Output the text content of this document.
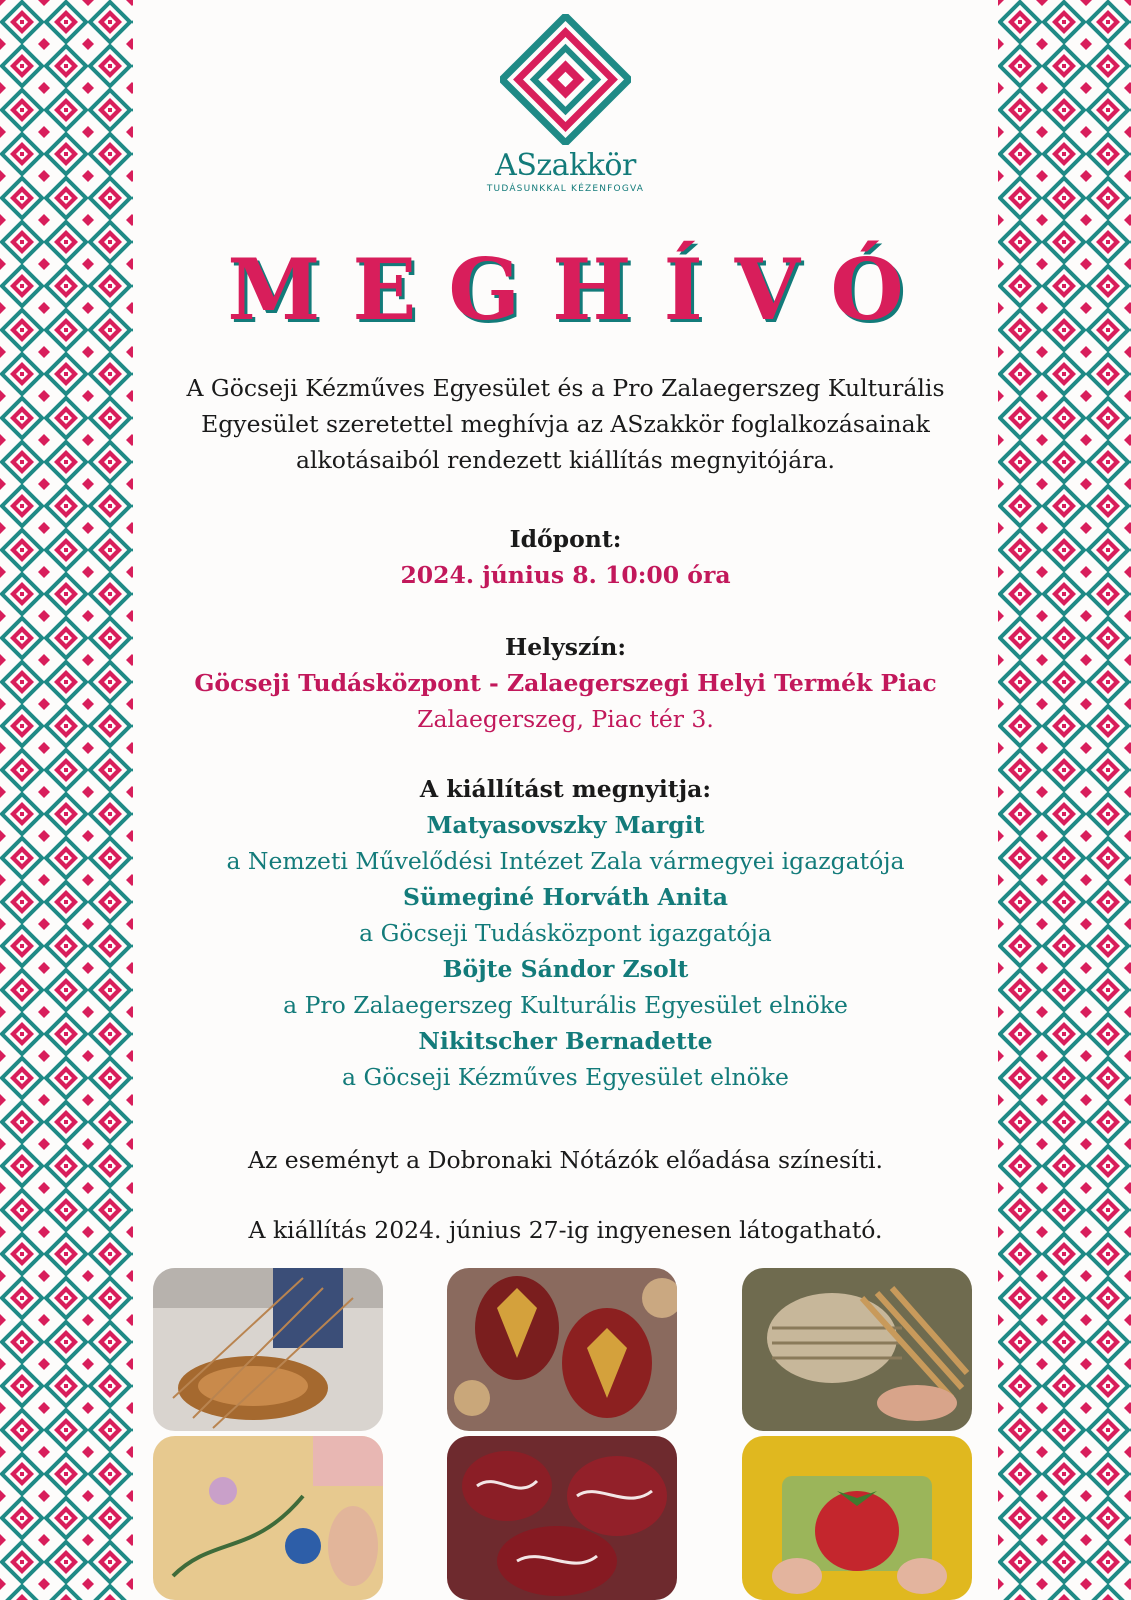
ASzakkör
TUDÁSUNKKAL KÉZENFOGVA
MEGHÍVÓ
A Göcseji Kézműves Egyesület és a Pro Zalaegerszeg Kulturális Egyesület szeretettel meghívja az ASzakkör foglalkozásainak alkotásaiból rendezett kiállítás megnyitójára.
Időpont:
2024. június 8. 10:00 óra
Helyszín:
Göcseji Tudásközpont - Zalaegerszegi Helyi Termék Piac
Zalaegerszeg, Piac tér 3.
A kiállítást megnyitja:
Matyasovszky Margit
a Nemzeti Művelődési Intézet Zala vármegyei igazgatója
Sümeginé Horváth Anita
a Göcseji Tudásközpont igazgatója
Böjte Sándor Zsolt
a Pro Zalaegerszeg Kulturális Egyesület elnöke
Nikitscher Bernadette
a Göcseji Kézműves Egyesület elnöke
Az eseményt a Dobronaki Nótázók előadása színesíti.
A kiállítás 2024. június 27-ig ingyenesen látogatható.
